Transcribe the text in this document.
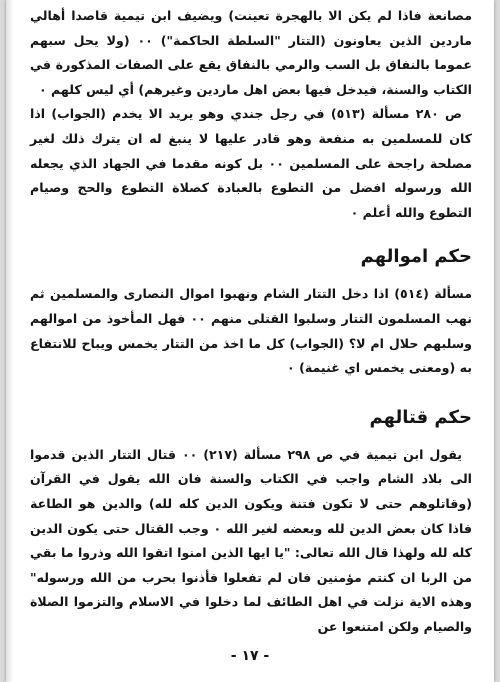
مصانعة فاذا لم يكن الا بالهجرة تعينت) ويضيف ابن تيمية قاصدا أهالي ماردين الذين يعاونون (التتار "السلطة الحاكمة") ٠٠ (ولا يحل سبهم عموما بالنفاق بل السب والرمي بالنفاق يقع على الصفات المذكورة في الكتاب والسنة، فيدخل فيها بعض اهل ماردين وغيرهم) أي ليس كلهم ٠

ص ٢٨٠ مسألة (٥١٣) في رجل جندي وهو يريد الا يخدم (الجواب) اذا كان للمسلمين به منفعة وهو قادر عليها لا ينبغ له ان يترك ذلك لغير مصلحة راجحة على المسلمين ٠٠ بل كونه مقدما في الجهاد الذي يجعله الله ورسوله افضل من التطوع بالعبادة كصلاة التطوع والحج وصيام التطوع والله أعلم ٠

حكم اموالهم

مسألة (٥١٤) اذا دخل التتار الشام ونهبوا اموال النصارى والمسلمين ثم نهب المسلمون التتار وسلبوا القتلى منهم ٠٠ فهل المأخوذ من اموالهم وسلبهم حلال ام لا؟ (الجواب) كل ما اخذ من التتار يخمس ويباح للانتفاع به (ومعنى يخمس اي غنيمة) ٠

حكم قتالهم

يقول ابن تيمية في ص ٢٩٨ مسألة (٢١٧) ٠٠ قتال التتار الذين قدموا الى بلاد الشام واجب في الكتاب والسنة فان الله يقول في القرآن (وقاتلوهم حتى لا تكون فتنة ويكون الدين كله لله) والدين هو الطاعة فاذا كان بعض الدين لله وبعضه لغير الله ٠ وجب القتال حتى يكون الدين كله لله ولهذا قال الله تعالى: "يا ايها الذين امنوا اتقوا الله وذروا ما بقي من الربا ان كنتم مؤمنين فان لم تفعلوا فأذنوا بحرب من الله ورسوله" وهذه الاية نزلت في اهل الطائف لما دخلوا في الاسلام والتزموا الصلاة والصيام ولكن امتنعوا عن

- ١٧ -
